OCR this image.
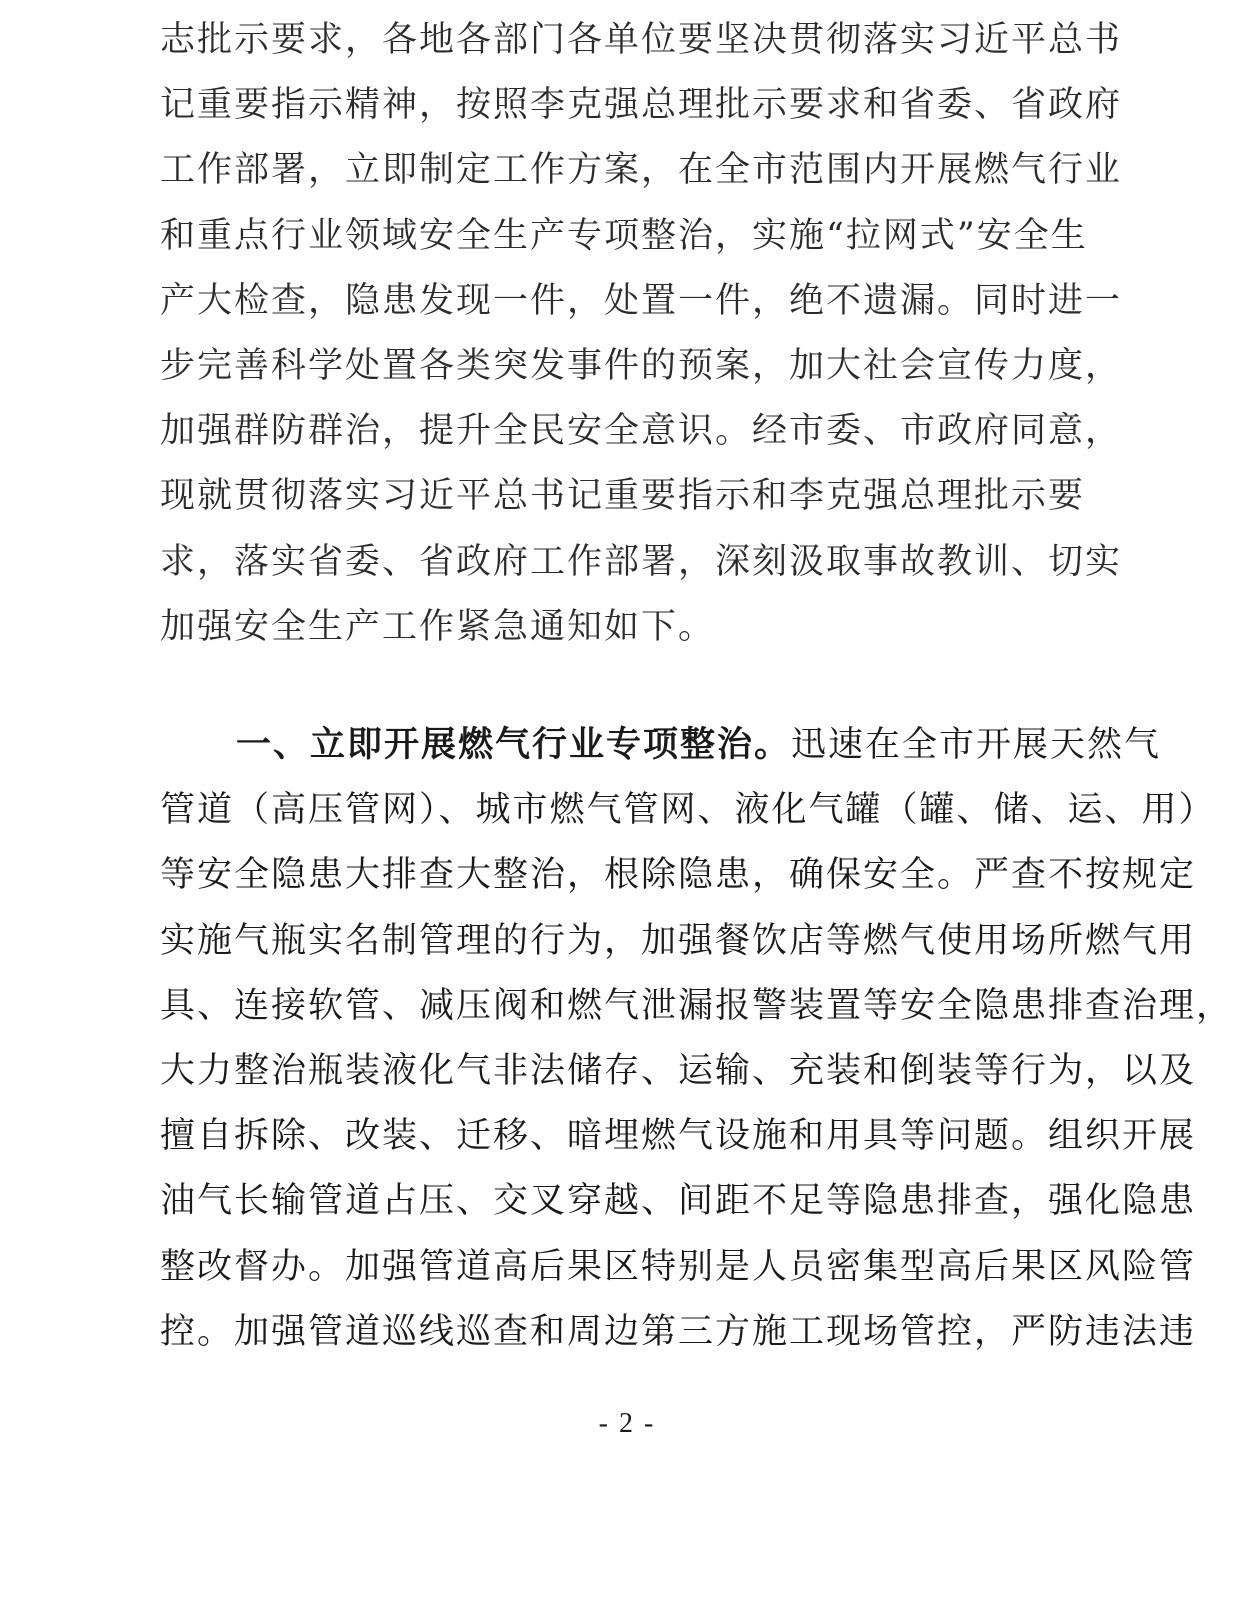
志批示要求，各地各部门各单位要坚决贯彻落实习近平总书
记重要指示精神，按照李克强总理批示要求和省委、省政府
工作部署，立即制定工作方案，在全市范围内开展燃气行业
和重点行业领域安全生产专项整治，实施“拉网式”安全生
产大检查，隐患发现一件，处置一件，绝不遗漏。同时进一
步完善科学处置各类突发事件的预案，加大社会宣传力度，
加强群防群治，提升全民安全意识。经市委、市政府同意，
现就贯彻落实习近平总书记重要指示和李克强总理批示要
求，落实省委、省政府工作部署，深刻汲取事故教训、切实
加强安全生产工作紧急通知如下。
一、立即开展燃气行业专项整治。迅速在全市开展天然气
管道（高压管网）、城市燃气管网、液化气罐（罐、储、运、用）
等安全隐患大排查大整治，根除隐患，确保安全。严查不按规定
实施气瓶实名制管理的行为，加强餐饮店等燃气使用场所燃气用
具、连接软管、减压阀和燃气泄漏报警装置等安全隐患排查治理，
大力整治瓶装液化气非法储存、运输、充装和倒装等行为，以及
擅自拆除、改装、迁移、暗埋燃气设施和用具等问题。组织开展
油气长输管道占压、交叉穿越、间距不足等隐患排查，强化隐患
整改督办。加强管道高后果区特别是人员密集型高后果区风险管
控。加强管道巡线巡查和周边第三方施工现场管控，严防违法违
- 2 -
